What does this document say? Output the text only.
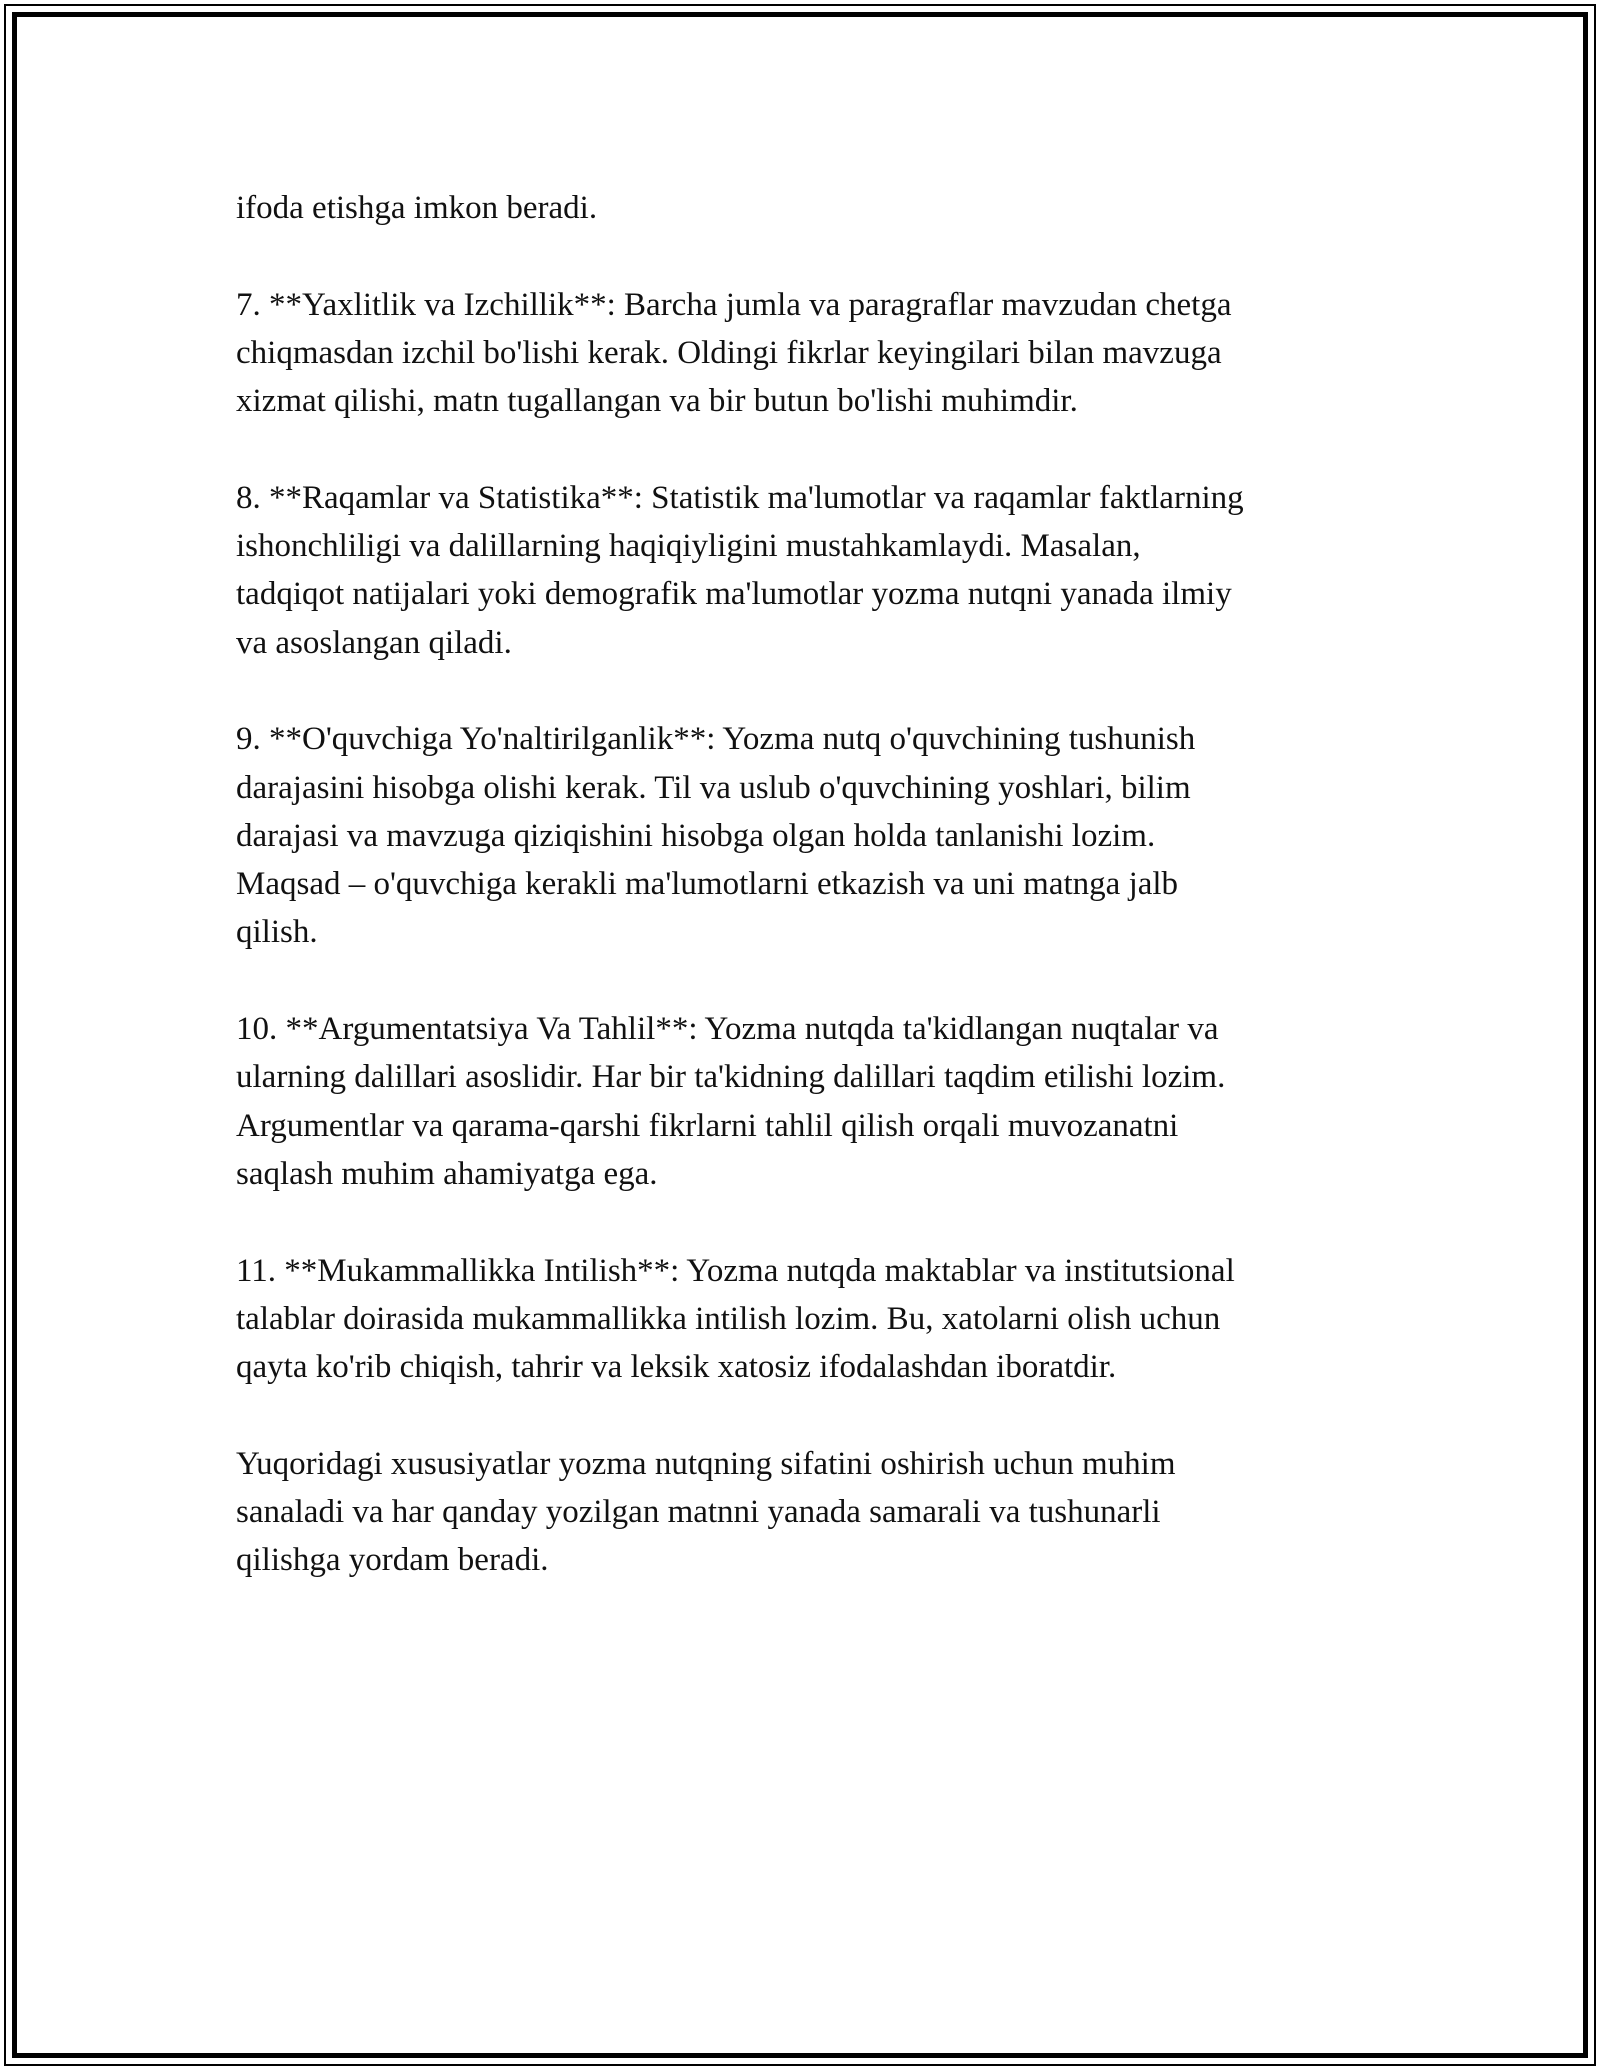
ifoda etishga imkon beradi.

7. **Yaxlitlik va Izchillik**: Barcha jumla va paragraflar mavzudan chetga
chiqmasdan izchil bo'lishi kerak. Oldingi fikrlar keyingilari bilan mavzuga
xizmat qilishi, matn tugallangan va bir butun bo'lishi muhimdir.

8. **Raqamlar va Statistika**: Statistik ma'lumotlar va raqamlar faktlarning
ishonchliligi va dalillarning haqiqiyligini mustahkamlaydi. Masalan,
tadqiqot natijalari yoki demografik ma'lumotlar yozma nutqni yanada ilmiy
va asoslangan qiladi.

9. **O'quvchiga Yo'naltirilganlik**: Yozma nutq o'quvchining tushunish
darajasini hisobga olishi kerak. Til va uslub o'quvchining yoshlari, bilim
darajasi va mavzuga qiziqishini hisobga olgan holda tanlanishi lozim.
Maqsad – o'quvchiga kerakli ma'lumotlarni etkazish va uni matnga jalb
qilish.

10. **Argumentatsiya Va Tahlil**: Yozma nutqda ta'kidlangan nuqtalar va
ularning dalillari asoslidir. Har bir ta'kidning dalillari taqdim etilishi lozim.
Argumentlar va qarama-qarshi fikrlarni tahlil qilish orqali muvozanatni
saqlash muhim ahamiyatga ega.

11. **Mukammallikka Intilish**: Yozma nutqda maktablar va institutsional
talablar doirasida mukammallikka intilish lozim. Bu, xatolarni olish uchun
qayta ko'rib chiqish, tahrir va leksik xatosiz ifodalashdan iboratdir.

Yuqoridagi xususiyatlar yozma nutqning sifatini oshirish uchun muhim
sanaladi va har qanday yozilgan matnni yanada samarali va tushunarli
qilishga yordam beradi.
